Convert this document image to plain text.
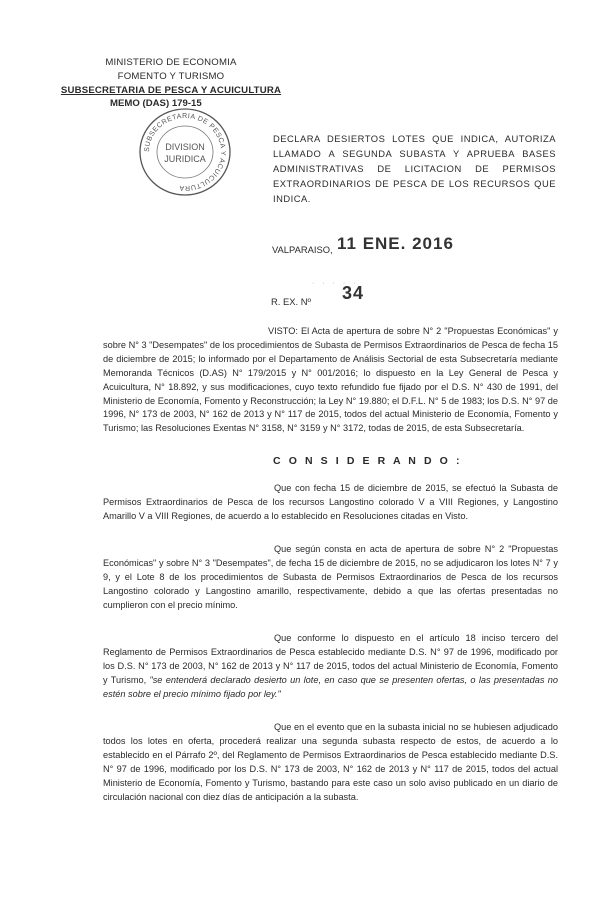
MINISTERIO DE ECONOMIA
FOMENTO Y TURISMO
SUBSECRETARIA DE PESCA Y ACUICULTURA
MEMO (DAS) 179-15
SUBSECRETARIA DE PESCA Y ACUICULTURA
DIVISION
JURIDICA
DECLARA DESIERTOS LOTES QUE INDICA, AUTORIZA LLAMADO A SEGUNDA SUBASTA Y APRUEBA BASES ADMINISTRATIVAS DE LICITACION DE PERMISOS EXTRAORDINARIOS DE PESCA DE LOS RECURSOS QUE INDICA.
VALPARAISO, 11 ENE. 2016
· · · · ·
R. EX. Nº 34
VISTO: El Acta de apertura de sobre N° 2 "Propuestas Económicas" y sobre N° 3 "Desempates" de los procedimientos de Subasta de Permisos Extraordinarios de Pesca de fecha 15 de diciembre de 2015; lo informado por el Departamento de Análisis Sectorial de esta Subsecretaría mediante Memoranda Técnicos (D.AS) N° 179/2015 y N° 001/2016; lo dispuesto en la Ley General de Pesca y Acuicultura, N° 18.892, y sus modificaciones, cuyo texto refundido fue fijado por el D.S. N° 430 de 1991, del Ministerio de Economía, Fomento y Reconstrucción; la Ley N° 19.880; el D.F.L. N° 5 de 1983; los D.S. N° 97 de 1996, N° 173 de 2003, N° 162 de 2013 y N° 117 de 2015, todos del actual Ministerio de Economía, Fomento y Turismo; las Resoluciones Exentas N° 3158, N° 3159 y N° 3172, todas de 2015, de esta Subsecretaría.
C O N S I D E R A N D O :
Que con fecha 15 de diciembre de 2015, se efectuó la Subasta de Permisos Extraordinarios de Pesca de los recursos Langostino colorado V a VIII Regiones, y Langostino Amarillo V a VIII Regiones, de acuerdo a lo establecido en Resoluciones citadas en Visto.
Que según consta en acta de apertura de sobre N° 2 "Propuestas Económicas" y sobre N° 3 "Desempates", de fecha 15 de diciembre de 2015, no se adjudicaron los lotes N° 7 y 9, y el Lote 8 de los procedimientos de Subasta de Permisos Extraordinarios de Pesca de los recursos Langostino colorado y Langostino amarillo, respectivamente, debido a que las ofertas presentadas no cumplieron con el precio mínimo.
Que conforme lo dispuesto en el artículo 18 inciso tercero del Reglamento de Permisos Extraordinarios de Pesca establecido mediante D.S. N° 97 de 1996, modificado por los D.S. N° 173 de 2003, N° 162 de 2013 y N° 117 de 2015, todos del actual Ministerio de Economía, Fomento y Turismo, "se entenderá declarado desierto un lote, en caso que se presenten ofertas, o las presentadas no estén sobre el precio mínimo fijado por ley."
Que en el evento que en la subasta inicial no se hubiesen adjudicado todos los lotes en oferta, procederá realizar una segunda subasta respecto de estos, de acuerdo a lo establecido en el Párrafo 2º, del Reglamento de Permisos Extraordinarios de Pesca establecido mediante D.S. N° 97 de 1996, modificado por los D.S. N° 173 de 2003, N° 162 de 2013 y N° 117 de 2015, todos del actual Ministerio de Economía, Fomento y Turismo, bastando para este caso un solo aviso publicado en un diario de circulación nacional con diez días de anticipación a la subasta.
